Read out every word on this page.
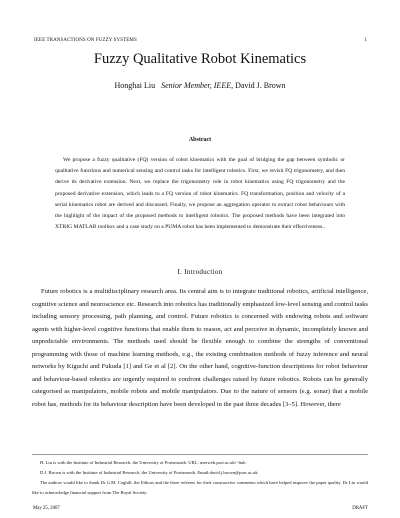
IEEE TRANSACTIONS ON FUZZY SYSTEMS	1
Fuzzy Qualitative Robot Kinematics
Honghai Liu Senior Member, IEEE, David J. Brown
Abstract

We propose a fuzzy qualitative (FQ) version of robot kinematics with the goal of bridging the gap between symbolic or qualitative functions and numerical sensing and control tasks for intelligent robotics. First, we revisit FQ trigonometry, and then derive its derivative extension. Next, we replace the trigonometry role in robot kinematics using FQ trigonometry and the proposed derivative extension, which leads to a FQ version of robot kinematics. FQ transformation, position and velocity of a serial kinematics robot are derived and discussed. Finally, we propose an aggregation operator to extract robot behaviours with the highlight of the impact of the proposed methods to intelligent robotics. The proposed methods have been integrated into XTRIG MATLAB toolbox and a case study on a PUMA robot has been implemented to demonstrate their effectiveness..

I. Introduction

Future robotics is a multidisciplinary research area. Its central aim is to integrate traditional robotics, artificial intelligence, cognitive science and neuroscience etc. Research into robotics has traditionally emphasized low-level sensing and control tasks including sensory processing, path planning, and control. Future robotics is concerned with endowing robots and software agents with higher-level cognitive functions that enable them to reason, act and perceive in dynamic, incompletely known and unpredictable environments. The methods used should be flexible enough to combine the strengths of conventional programming with those of machine learning methods, e.g., the existing combination methods of fuzzy inference and neural networks by Kiguchi and Fukuda [1] and Ge et al [2]. On the other hand, cognitive-function descriptions for robot behaviour and behaviour-based robotics are urgently required to confront challenges raised by future robotics. Robots can be generally categorised as manipulators, mobile robots and mobile manipulators. Due to the nature of sensors (e.g. sonar) that a mobile robot has, methods for its behaviour description have been developed in the past three decades [3–5]. However, there

H. Liu is with the Institute of Industrial Research, the University of Portsmouth. URL: userweb.port.ac.uk/~liuh

D.J. Brown is with the Institute of Industrial Research, the University of Portsmouth. Email:david.j.brown@port.ac.uk

The authors would like to thank Dr G.M. Coghill, the Editors and the three referees for their constructive comments which have helped improve the paper quality. Dr Liu would like to acknowledge financial support from The Royal Society.

May 25, 2007	DRAFT
